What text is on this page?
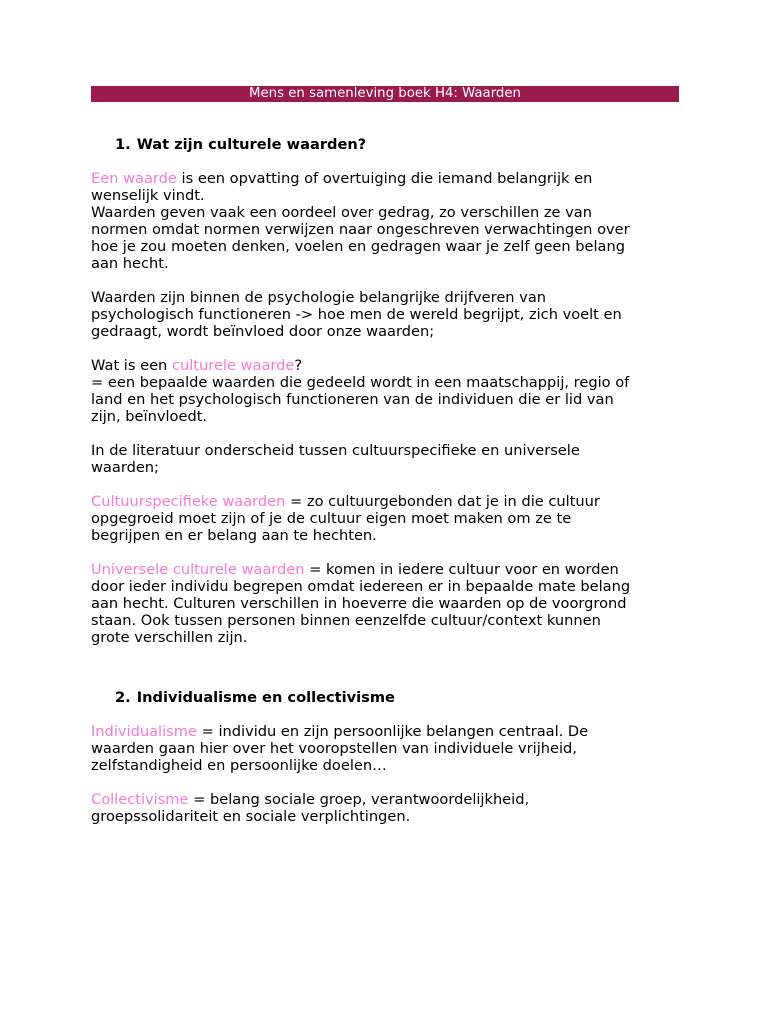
Mens en samenleving boek H4: Waarden
1. Wat zijn culturele waarden?

Een waarde is een opvatting of overtuiging die iemand belangrijk en
wenselijk vindt.
Waarden geven vaak een oordeel over gedrag, zo verschillen ze van
normen omdat normen verwijzen naar ongeschreven verwachtingen over
hoe je zou moeten denken, voelen en gedragen waar je zelf geen belang
aan hecht.

Waarden zijn binnen de psychologie belangrijke drijfveren van
psychologisch functioneren -> hoe men de wereld begrijpt, zich voelt en
gedraagt, wordt beïnvloed door onze waarden;

Wat is een culturele waarde?
= een bepaalde waarden die gedeeld wordt in een maatschappij, regio of
land en het psychologisch functioneren van de individuen die er lid van
zijn, beïnvloedt.

In de literatuur onderscheid tussen cultuurspecifieke en universele
waarden;

Cultuurspecifieke waarden = zo cultuurgebonden dat je in die cultuur
opgegroeid moet zijn of je de cultuur eigen moet maken om ze te
begrijpen en er belang aan te hechten.

Universele culturele waarden = komen in iedere cultuur voor en worden
door ieder individu begrepen omdat iedereen er in bepaalde mate belang
aan hecht. Culturen verschillen in hoeverre die waarden op de voorgrond
staan. Ook tussen personen binnen eenzelfde cultuur/context kunnen
grote verschillen zijn.

2. Individualisme en collectivisme

Individualisme = individu en zijn persoonlijke belangen centraal. De
waarden gaan hier over het vooropstellen van individuele vrijheid,
zelfstandigheid en persoonlijke doelen…

Collectivisme = belang sociale groep, verantwoordelijkheid,
groepssolidariteit en sociale verplichtingen.
